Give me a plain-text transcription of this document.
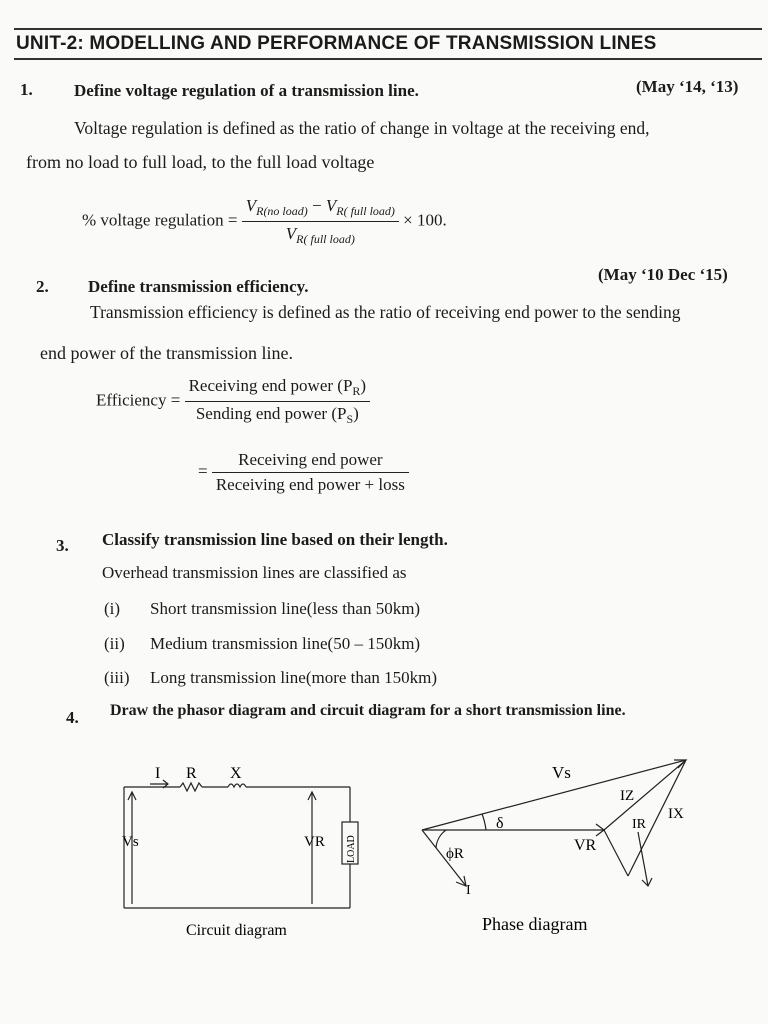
UNIT-2: MODELLING AND PERFORMANCE OF TRANSMISSION LINES
1. Define voltage regulation of a transmission line.	(May ‘14, ‘13)
Voltage regulation is defined as the ratio of change in voltage at the receiving end,
from no load to full load, to the full load voltage
% voltage regulation = $\frac{V_{R(no load)} - V_{R( full load)}}{V_{R( full load)}} \times 100$.
2. Define transmission efficiency.
(May ‘10 Dec ‘15)
Transmission efficiency is defined as the ratio of receiving end power to the sending
end power of the transmission line.
Efficiency = $\frac{Receiving end power (P_R)}{Sending end power (P_S)}$
= $\frac{\text{Receiving end power}}{\text{Receiving end power + loss}}$
3. Classify transmission line based on their length.
Overhead transmission lines are classified as
(i) Short transmission line(less than 50km)
(ii) Medium transmission line(50 – 150km)
(iii) Long transmission line(more than 150km)
4. Draw the phasor diagram and circuit diagram for a short transmission line.
I R X
Vs	VR LOAD
Circuit diagram
Vs
IZ
IR
IX
δ
ϕR	VR
I
Phase diagram
